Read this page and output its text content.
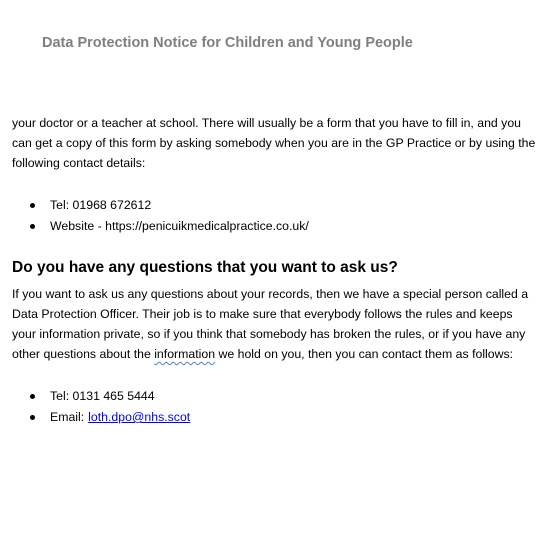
Data Protection Notice for Children and Young People
your doctor or a teacher at school. There will usually be a form that you have to fill in, and you
can get a copy of this form by asking somebody when you are in the GP Practice or by using the
following contact details:
Tel: 01968 672612
Website - https://penicuikmedicalpractice.co.uk/
Do you have any questions that you want to ask us?
If you want to ask us any questions about your records, then we have a special person called a
Data Protection Officer. Their job is to make sure that everybody follows the rules and keeps
your information private, so if you think that somebody has broken the rules, or if you have any
other questions about the information we hold on you, then you can contact them as follows:
Tel: 0131 465 5444
Email: loth.dpo@nhs.scot
